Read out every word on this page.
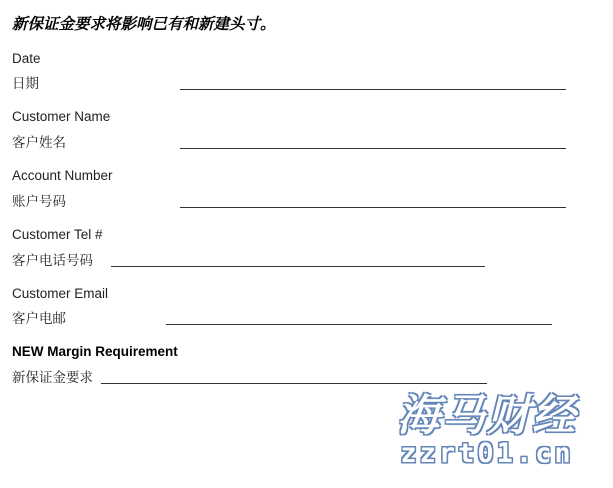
新保证金要求将影响已有和新建头寸。
Date
日期
Customer Name
客户姓名
Account Number
账户号码
Customer Tel #
客户电话号码
Customer Email
客户电邮
NEW Margin Requirement
新保证金要求
海马财经
zzrt01.cn
